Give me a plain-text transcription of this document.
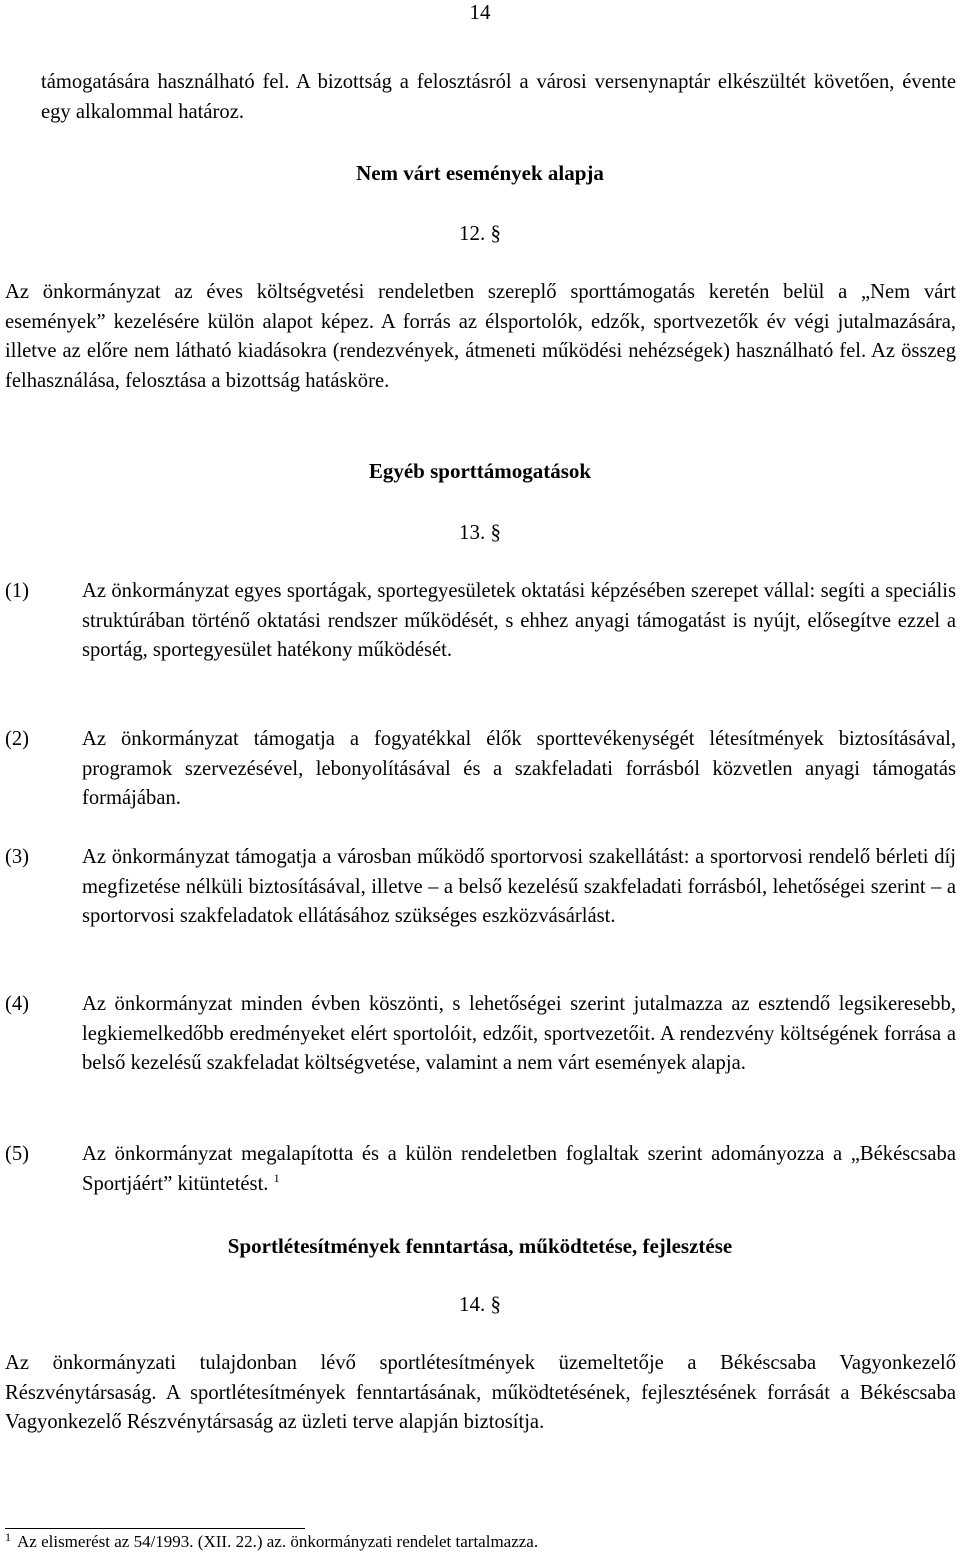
14

támogatására használható fel. A bizottság a felosztásról a városi versenynaptár elkészültét követően, évente egy alkalommal határoz.

Nem várt események alapja
12. §

Az önkormányzat az éves költségvetési rendeletben szereplő sporttámogatás keretén belül a „Nem várt események” kezelésére külön alapot képez. A forrás az élsportolók, edzők, sportvezetők év végi jutalmazására, illetve az előre nem látható kiadásokra (rendezvények, átmeneti működési nehézségek) használható fel. Az összeg felhasználása, felosztása a bizottság hatásköre.

Egyéb sporttámogatások
13. §
(1)	Az önkormányzat egyes sportágak, sportegyesületek oktatási képzésében szerepet vállal: segíti a speciális struktúrában történő oktatási rendszer működését, s ehhez anyagi támogatást is nyújt, elősegítve ezzel a sportág, sportegyesület hatékony működését.

(2)	Az önkormányzat támogatja a fogyatékkal élők sporttevékenységét létesítmények biztosításával, programok szervezésével, lebonyolításával és a szakfeladati forrásból közvetlen anyagi támogatás formájában.

(3)	Az önkormányzat támogatja a városban működő sportorvosi szakellátást: a sportorvosi rendelő bérleti díj megfizetése nélküli biztosításával, illetve – a belső kezelésű szakfeladati forrásból, lehetőségei szerint – a sportorvosi szakfeladatok ellátásához szükséges eszközvásárlást.

(4)	Az önkormányzat minden évben köszönti, s lehetőségei szerint jutalmazza az esztendő legsikeresebb, legkiemelkedőbb eredményeket elért sportolóit, edzőit, sportvezetőit. A rendezvény költségének forrása a belső kezelésű szakfeladat költségvetése, valamint a nem várt események alapja.

(5)	Az önkormányzat megalapította és a külön rendeletben foglaltak szerint adományozza a „Békéscsaba Sportjáért” kitüntetést. $^1$

Sportlétesítmények fenntartása, működtetése, fejlesztése
14. §

Az önkormányzati tulajdonban lévő sportlétesítmények üzemeltetője a Békéscsaba Vagyonkezelő Részvénytársaság. A sportlétesítmények fenntartásának, működtetésének, fejlesztésének forrását a Békéscsaba Vagyonkezelő Részvénytársaság az üzleti terve alapján biztosítja.

$^1$ Az elismerést az 54/1993. (XII. 22.) az. önkormányzati rendelet tartalmazza.
